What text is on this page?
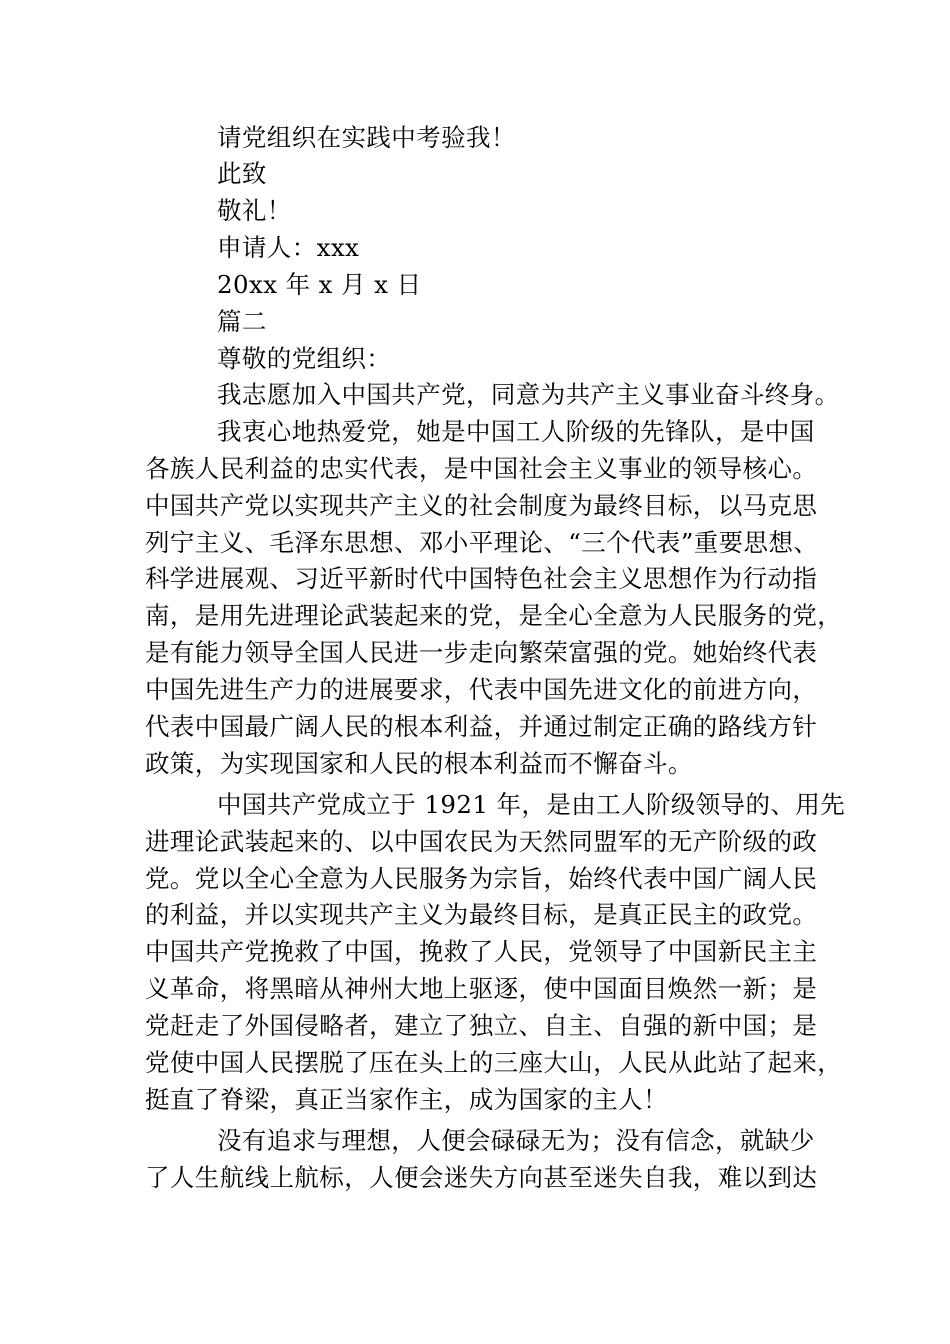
请党组织在实践中考验我！
此致
敬礼！
申请人：xxx
20xx 年 x 月 x 日
篇二
尊敬的党组织：
我志愿加入中国共产党，同意为共产主义事业奋斗终身。
我衷心地热爱党，她是中国工人阶级的先锋队，是中国
各族人民利益的忠实代表，是中国社会主义事业的领导核心。
中国共产党以实现共产主义的社会制度为最终目标，以马克思
列宁主义、毛泽东思想、邓小平理论、“三个代表”重要思想、
科学进展观、习近平新时代中国特色社会主义思想作为行动指
南，是用先进理论武装起来的党，是全心全意为人民服务的党，
是有能力领导全国人民进一步走向繁荣富强的党。她始终代表
中国先进生产力的进展要求，代表中国先进文化的前进方向，
代表中国最广阔人民的根本利益，并通过制定正确的路线方针
政策，为实现国家和人民的根本利益而不懈奋斗。
中国共产党成立于 1921 年，是由工人阶级领导的、用先
进理论武装起来的、以中国农民为天然同盟军的无产阶级的政
党。党以全心全意为人民服务为宗旨，始终代表中国广阔人民
的利益，并以实现共产主义为最终目标，是真正民主的政党。
中国共产党挽救了中国，挽救了人民，党领导了中国新民主主
义革命，将黑暗从神州大地上驱逐，使中国面目焕然一新；是
党赶走了外国侵略者，建立了独立、自主、自强的新中国；是
党使中国人民摆脱了压在头上的三座大山，人民从此站了起来，
挺直了脊梁，真正当家作主，成为国家的主人！
没有追求与理想，人便会碌碌无为；没有信念，就缺少
了人生航线上航标，人便会迷失方向甚至迷失自我，难以到达
